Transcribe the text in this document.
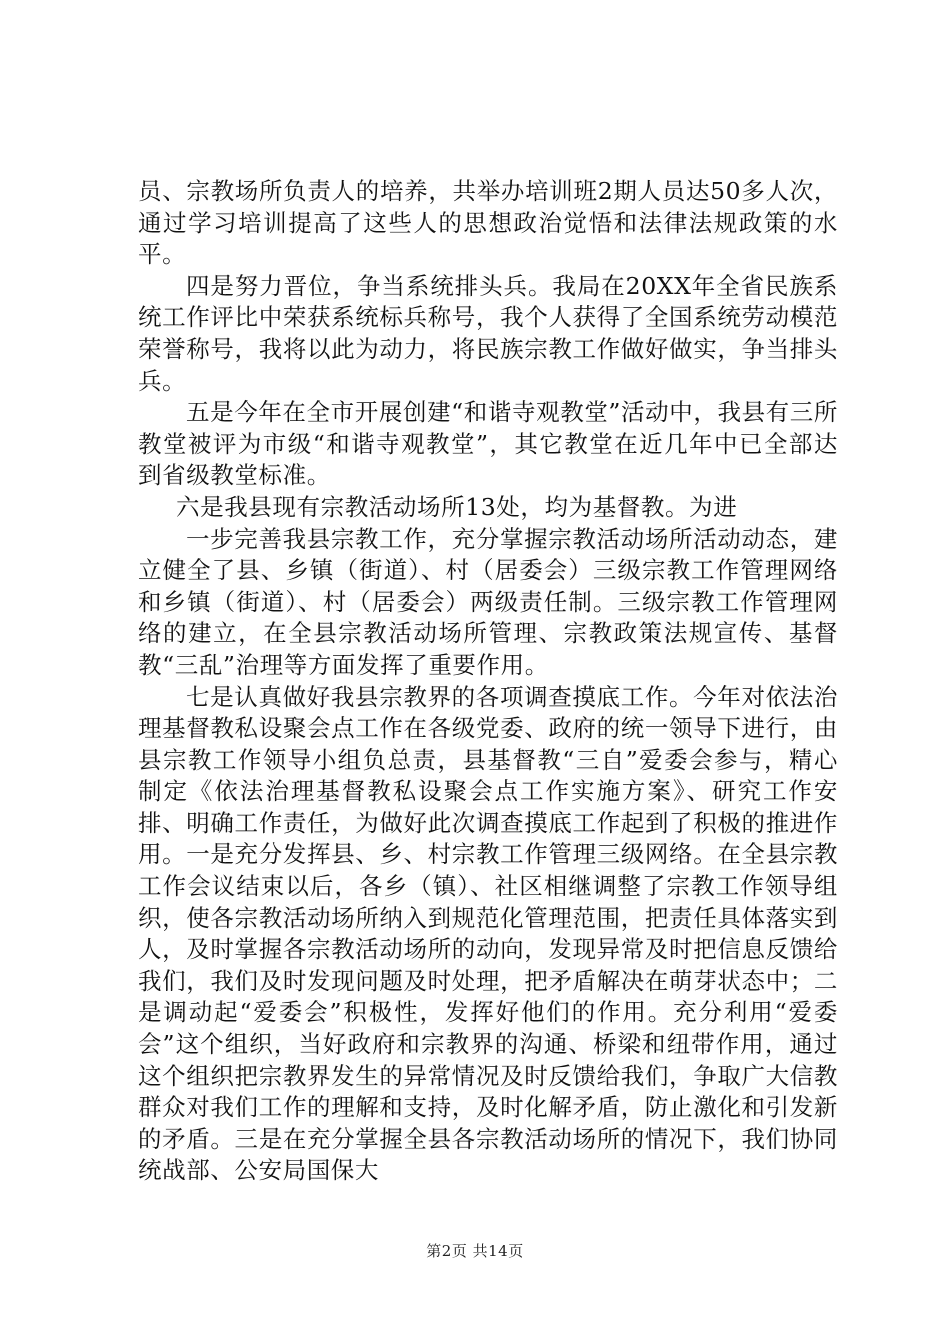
员、宗教场所负责人的培养，共举办培训班2期人员达50多人次，通过学习培训提高了这些人的思想政治觉悟和法律法规政策的水平。

四是努力晋位，争当系统排头兵。我局在20XX年全省民族系统工作评比中荣获系统标兵称号，我个人获得了全国系统劳动模范荣誉称号，我将以此为动力，将民族宗教工作做好做实，争当排头兵。

五是今年在全市开展创建“和谐寺观教堂”活动中，我县有三所教堂被评为市级“和谐寺观教堂”，其它教堂在近几年中已全部达到省级教堂标准。

六是我县现有宗教活动场所13处，均为基督教。为进

一步完善我县宗教工作，充分掌握宗教活动场所活动动态，建立健全了县、乡镇（街道）、村（居委会）三级宗教工作管理网络和乡镇（街道）、村（居委会）两级责任制。三级宗教工作管理网络的建立，在全县宗教活动场所管理、宗教政策法规宣传、基督教“三乱”治理等方面发挥了重要作用。

七是认真做好我县宗教界的各项调查摸底工作。今年对依法治理基督教私设聚会点工作在各级党委、政府的统一领导下进行，由县宗教工作领导小组负总责，县基督教“三自”爱委会参与，精心制定《依法治理基督教私设聚会点工作实施方案》、研究工作安排、明确工作责任，为做好此次调查摸底工作起到了积极的推进作用。一是充分发挥县、乡、村宗教工作管理三级网络。在全县宗教工作会议结束以后，各乡（镇）、社区相继调整了宗教工作领导组织，使各宗教活动场所纳入到规范化管理范围，把责任具体落实到人，及时掌握各宗教活动场所的动向，发现异常及时把信息反馈给我们，我们及时发现问题及时处理，把矛盾解决在萌芽状态中；二是调动起“爱委会”积极性，发挥好他们的作用。充分利用“爱委会”这个组织，当好政府和宗教界的沟通、桥梁和纽带作用，通过这个组织把宗教界发生的异常情况及时反馈给我们，争取广大信教群众对我们工作的理解和支持，及时化解矛盾，防止激化和引发新的矛盾。三是在充分掌握全县各宗教活动场所的情况下，我们协同统战部、公安局国保大

第2页 共14页
